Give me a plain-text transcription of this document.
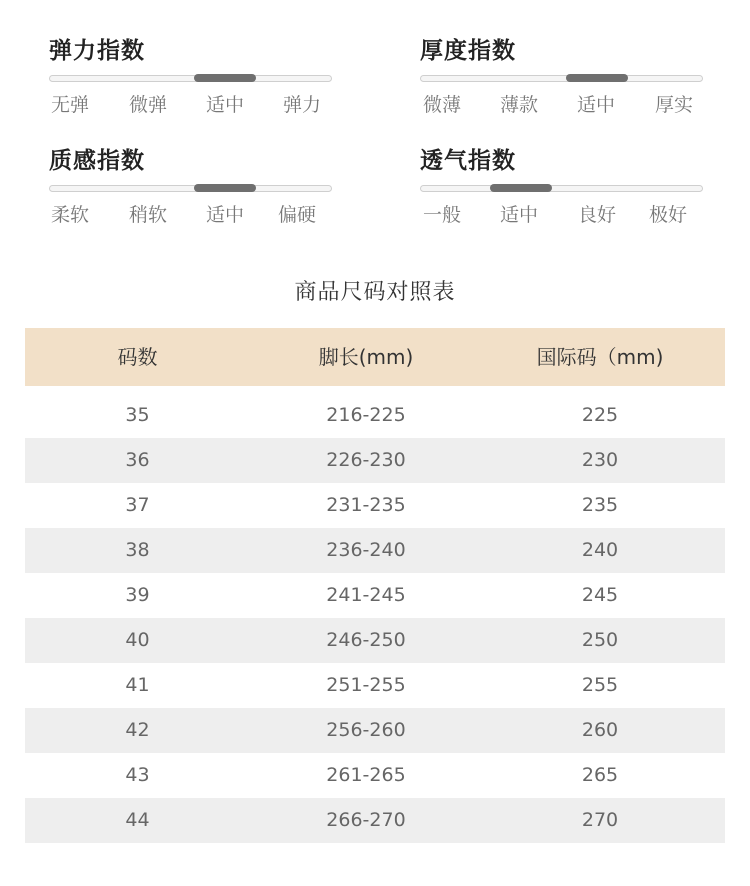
弹力指数
无弹 微弹 适中 弹力
厚度指数
微薄 薄款 适中 厚实
质感指数
柔软 稍软 适中 偏硬
透气指数
一般 适中 良好 极好
商品尺码对照表
码数	脚长(mm)	国际码（mm)
35	216-225	225
36	226-230	230
37	231-235	235
38	236-240	240
39	241-245	245
40	246-250	250
41	251-255	255
42	256-260	260
43	261-265	265
44	266-270	270
